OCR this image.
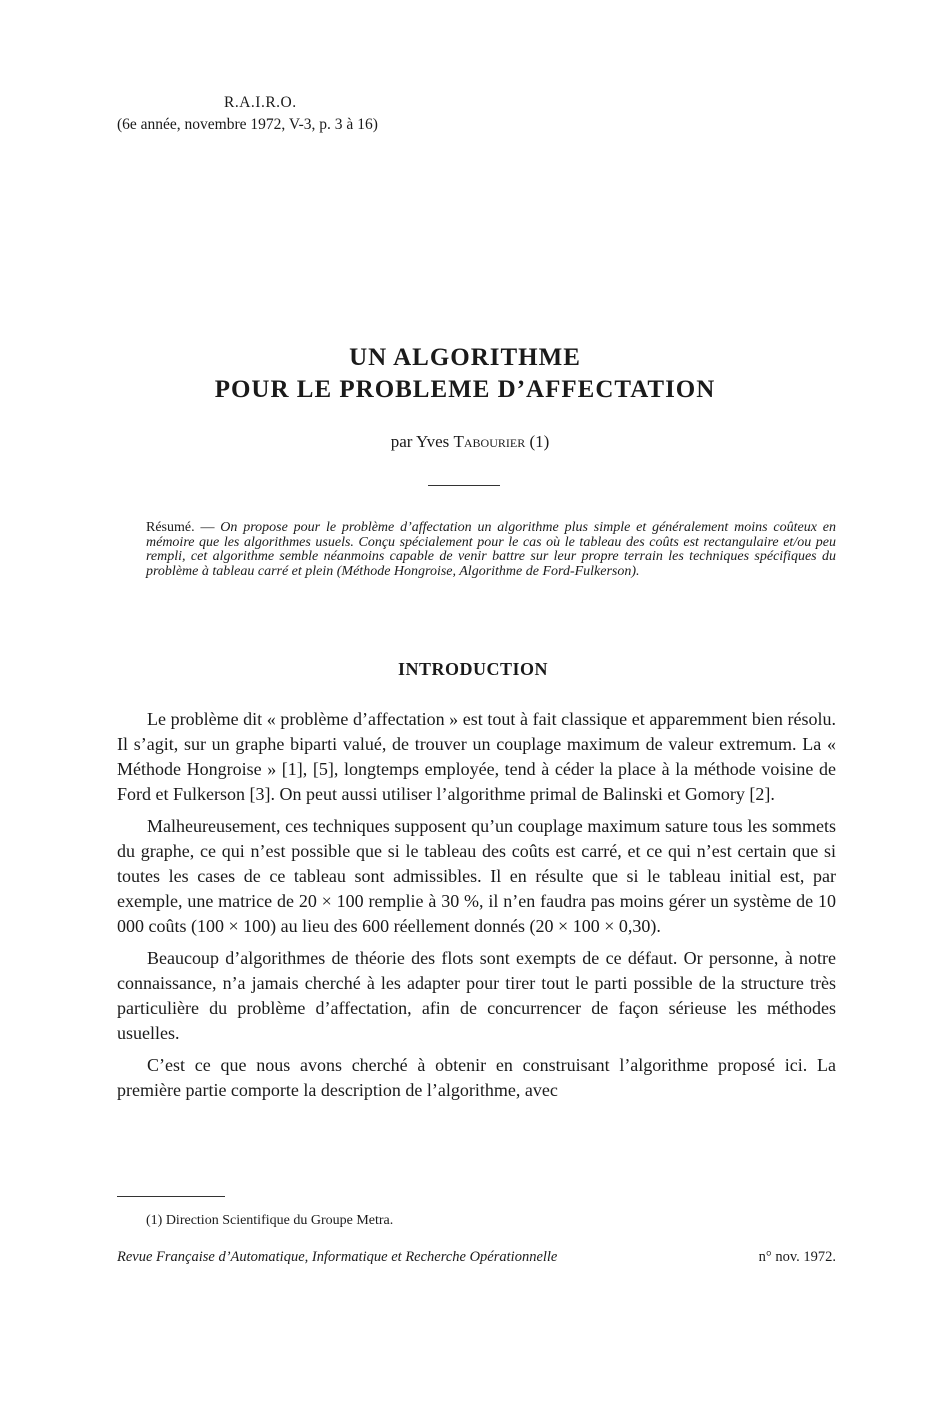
R.A.I.R.O.
(6e année, novembre 1972, V-3, p. 3 à 16)
UN ALGORITHME
POUR LE PROBLEME D’AFFECTATION
par Yves Tabourier (1)
Résumé. — On propose pour le problème d’affectation un algorithme plus simple et généralement moins coûteux en mémoire que les algorithmes usuels. Conçu spécialement pour le cas où le tableau des coûts est rectangulaire et/ou peu rempli, cet algorithme semble néanmoins capable de venir battre sur leur propre terrain les techniques spécifiques du problème à tableau carré et plein (Méthode Hongroise, Algorithme de Ford-Fulkerson).
INTRODUCTION

Le problème dit « problème d’affectation » est tout à fait classique et apparemment bien résolu. Il s’agit, sur un graphe biparti valué, de trouver un couplage maximum de valeur extremum. La « Méthode Hongroise » [1], [5], longtemps employée, tend à céder la place à la méthode voisine de Ford et Fulkerson [3]. On peut aussi utiliser l’algorithme primal de Balinski et Gomory [2].

Malheureusement, ces techniques supposent qu’un couplage maximum sature tous les sommets du graphe, ce qui n’est possible que si le tableau des coûts est carré, et ce qui n’est certain que si toutes les cases de ce tableau sont admissibles. Il en résulte que si le tableau initial est, par exemple, une matrice de 20 × 100 remplie à 30 %, il n’en faudra pas moins gérer un système de 10 000 coûts (100 × 100) au lieu des 600 réellement donnés (20 × 100 × 0,30).

Beaucoup d’algorithmes de théorie des flots sont exempts de ce défaut. Or personne, à notre connaissance, n’a jamais cherché à les adapter pour tirer tout le parti possible de la structure très particulière du problème d’affectation, afin de concurrencer de façon sérieuse les méthodes usuelles.

C’est ce que nous avons cherché à obtenir en construisant l’algorithme proposé ici. La première partie comporte la description de l’algorithme, avec

(1) Direction Scientifique du Groupe Metra.
Revue Française d’Automatique, Informatique et Recherche Opérationnelle	n° nov. 1972.
